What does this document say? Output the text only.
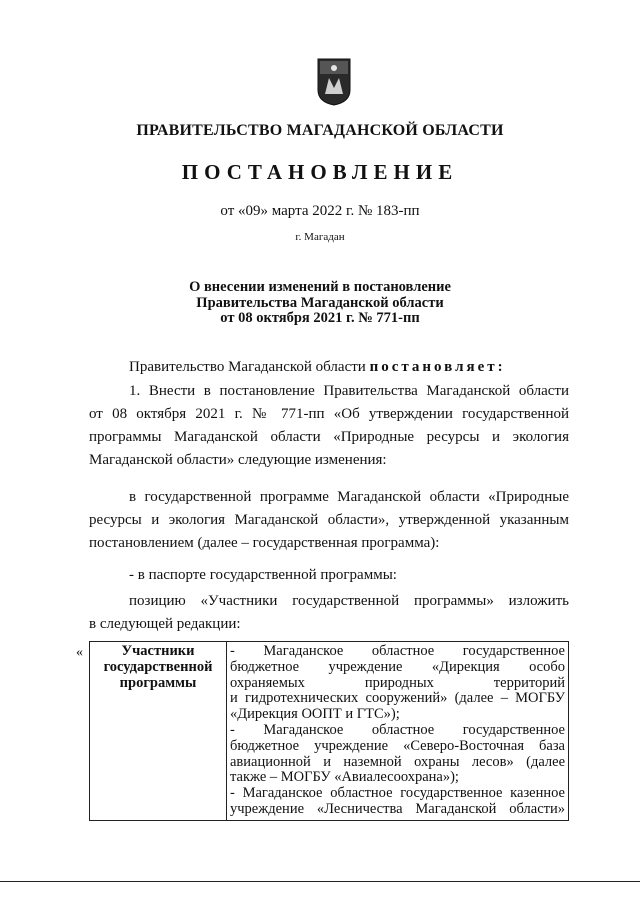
ПРАВИТЕЛЬСТВО МАГАДАНСКОЙ ОБЛАСТИ
ПОСТАНОВЛЕНИЕ
от «09» марта 2022 г. № 183-пп
г. Магадан
О внесении изменений в постановление
Правительства Магаданской области
от 08 октября 2021 г. № 771-пп
Правительство Магаданской области постановляет:
1. Внести в постановление Правительства Магаданской области
от 08 октября 2021 г. № 771-пп «Об утверждении государственной
программы Магаданской области «Природные ресурсы и экология
Магаданской области» следующие изменения:
в государственной программе Магаданской области «Природные
ресурсы и экология Магаданской области», утвержденной указанным
постановлением (далее – государственная программа):
- в паспорте государственной программы:
позицию «Участники государственной программы» изложить
в следующей редакции:
«	Участники
государственной
программы

- Магаданское областное государственное
бюджетное учреждение «Дирекция особо
охраняемых природных территорий
и гидротехнических сооружений» (далее – МОГБУ
«Дирекция ООПТ и ГТС»);
- Магаданское областное государственное
бюджетное учреждение «Северо-Восточная база
авиационной и наземной охраны лесов» (далее
также – МОГБУ «Авиалесоохрана»);
- Магаданское областное государственное казенное
учреждение «Лесничества Магаданской области»
